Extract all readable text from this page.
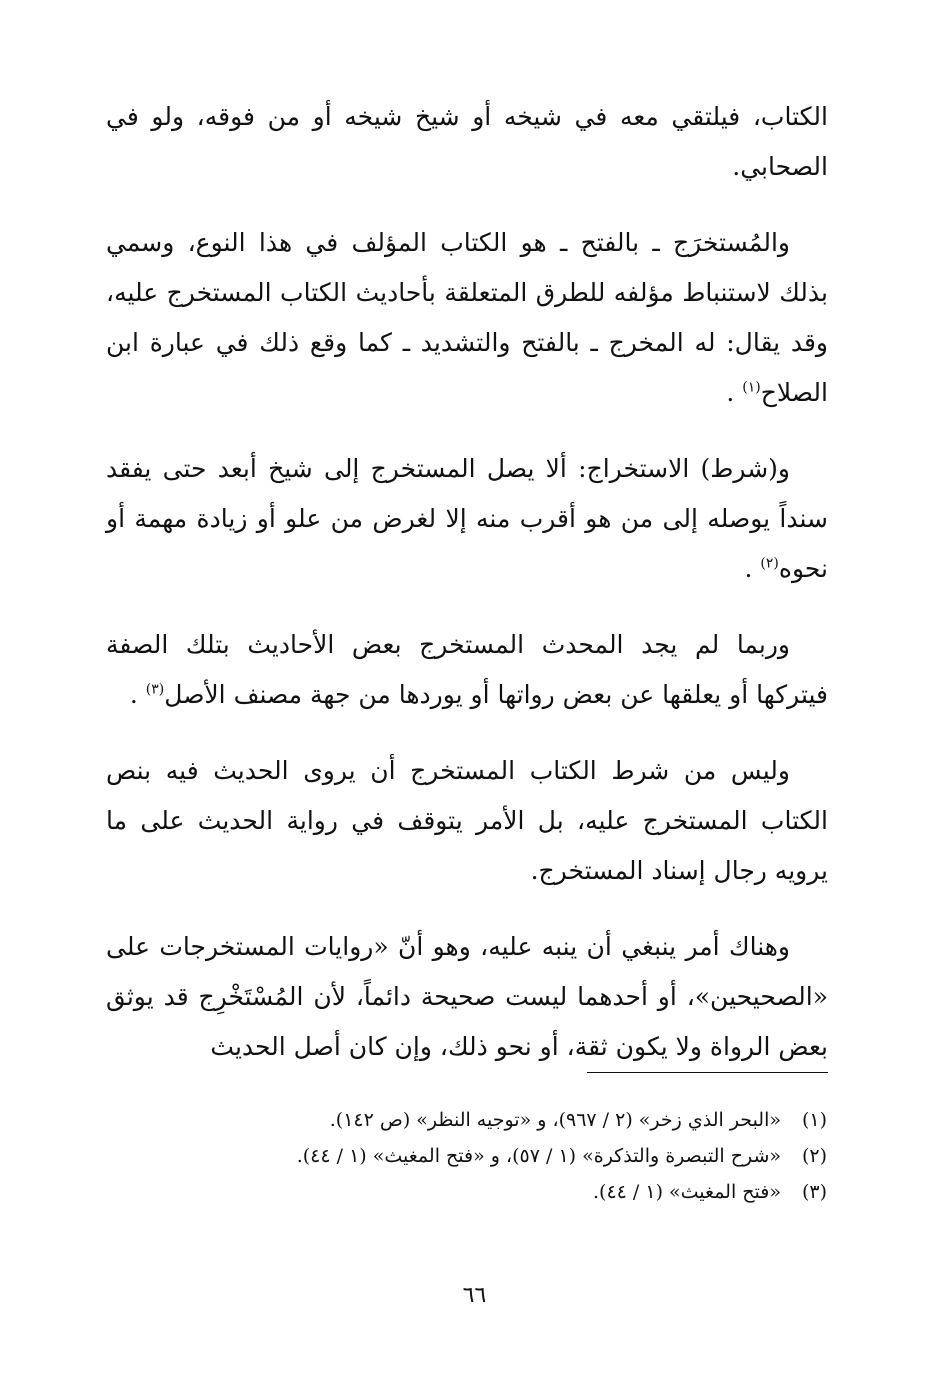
الكتاب، فيلتقي معه في شيخه أو شيخ شيخه أو من فوقه، ولو في الصحابي.

والمُستخرَج ـ بالفتح ـ هو الكتاب المؤلف في هذا النوع، وسمي بذلك لاستنباط مؤلفه للطرق المتعلقة بأحاديث الكتاب المستخرج عليه، وقد يقال: له المخرج ـ بالفتح والتشديد ـ كما وقع ذلك في عبارة ابن الصلاح$^{(١)}$ .

و(شرط) الاستخراج: ألا يصل المستخرج إلى شيخ أبعد حتى يفقد سنداً يوصله إلى من هو أقرب منه إلا لغرض من علو أو زيادة مهمة أو نحوه$^{(٢)}$ .

وربما لم يجد المحدث المستخرج بعض الأحاديث بتلك الصفة فيتركها أو يعلقها عن بعض رواتها أو يوردها من جهة مصنف الأصل$^{(٣)}$ .

وليس من شرط الكتاب المستخرج أن يروى الحديث فيه بنص الكتاب المستخرج عليه، بل الأمر يتوقف في رواية الحديث على ما يرويه رجال إسناد المستخرج.

وهناك أمر ينبغي أن ينبه عليه، وهو أنّ «روايات المستخرجات على «الصحيحين»، أو أحدهما ليست صحيحة دائماً، لأن المُسْتَخْرِج قد يوثق بعض الرواة ولا يكون ثقة، أو نحو ذلك، وإن كان أصل الحديث

(١)«البحر الذي زخر» (٢ / ٩٦٧)، و «توجيه النظر» (ص ١٤٢).
(٢)«شرح التبصرة والتذكرة» (١ / ٥٧)، و «فتح المغيث» (١ / ٤٤).
(٣)«فتح المغيث» (١ / ٤٤).
٦٦
